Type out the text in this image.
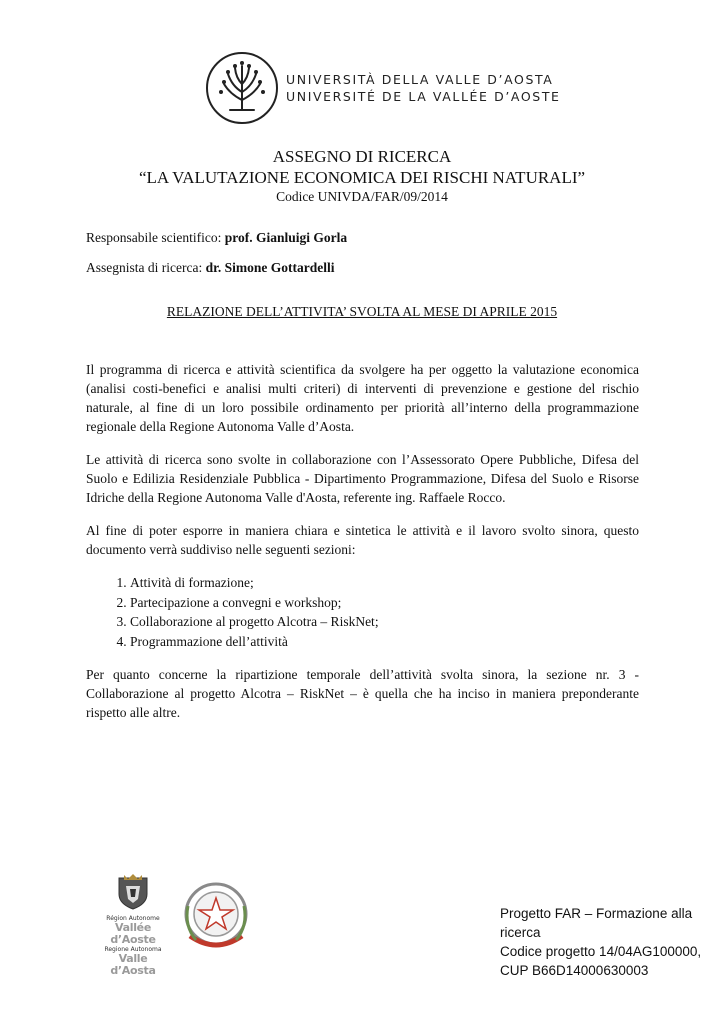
UNIVERSITÀ DELLA VALLE D’AOSTA
UNIVERSITÉ DE LA VALLÉE D’AOSTE
ASSEGNO DI RICERCA
“LA VALUTAZIONE ECONOMICA DEI RISCHI NATURALI”
Codice UNIVDA/FAR/09/2014
Responsabile scientifico: prof. Gianluigi Gorla
Assegnista di ricerca: dr. Simone Gottardelli
RELAZIONE DELL’ATTIVITA’ SVOLTA AL MESE DI APRILE 2015

Il programma di ricerca e attività scientifica da svolgere ha per oggetto la valutazione economica (analisi costi-benefici e analisi multi criteri) di interventi di prevenzione e gestione del rischio naturale, al fine di un loro possibile ordinamento per priorità all’interno della programmazione regionale della Regione Autonoma Valle d’Aosta.

Le attività di ricerca sono svolte in collaborazione con l’Assessorato Opere Pubbliche, Difesa del Suolo e Edilizia Residenziale Pubblica - Dipartimento Programmazione, Difesa del Suolo e Risorse Idriche della Regione Autonoma Valle d'Aosta, referente ing. Raffaele Rocco.

Al fine di poter esporre in maniera chiara e sintetica le attività e il lavoro svolto sinora, questo documento verrà suddiviso nelle seguenti sezioni:

1. Attività di formazione;
2. Partecipazione a convegni e workshop;
3. Collaborazione al progetto Alcotra – RiskNet;
4. Programmazione dell’attività

Per quanto concerne la ripartizione temporale dell’attività svolta sinora, la sezione nr. 3 - Collaborazione al progetto Alcotra – RiskNet – è quella che ha inciso in maniera preponderante rispetto alle altre.

Région Autonome
Vallée d’Aoste
Regione Autonoma
Valle d’Aosta
Progetto FAR – Formazione alla ricerca
Codice progetto 14/04AG100000,
CUP B66D14000630003
